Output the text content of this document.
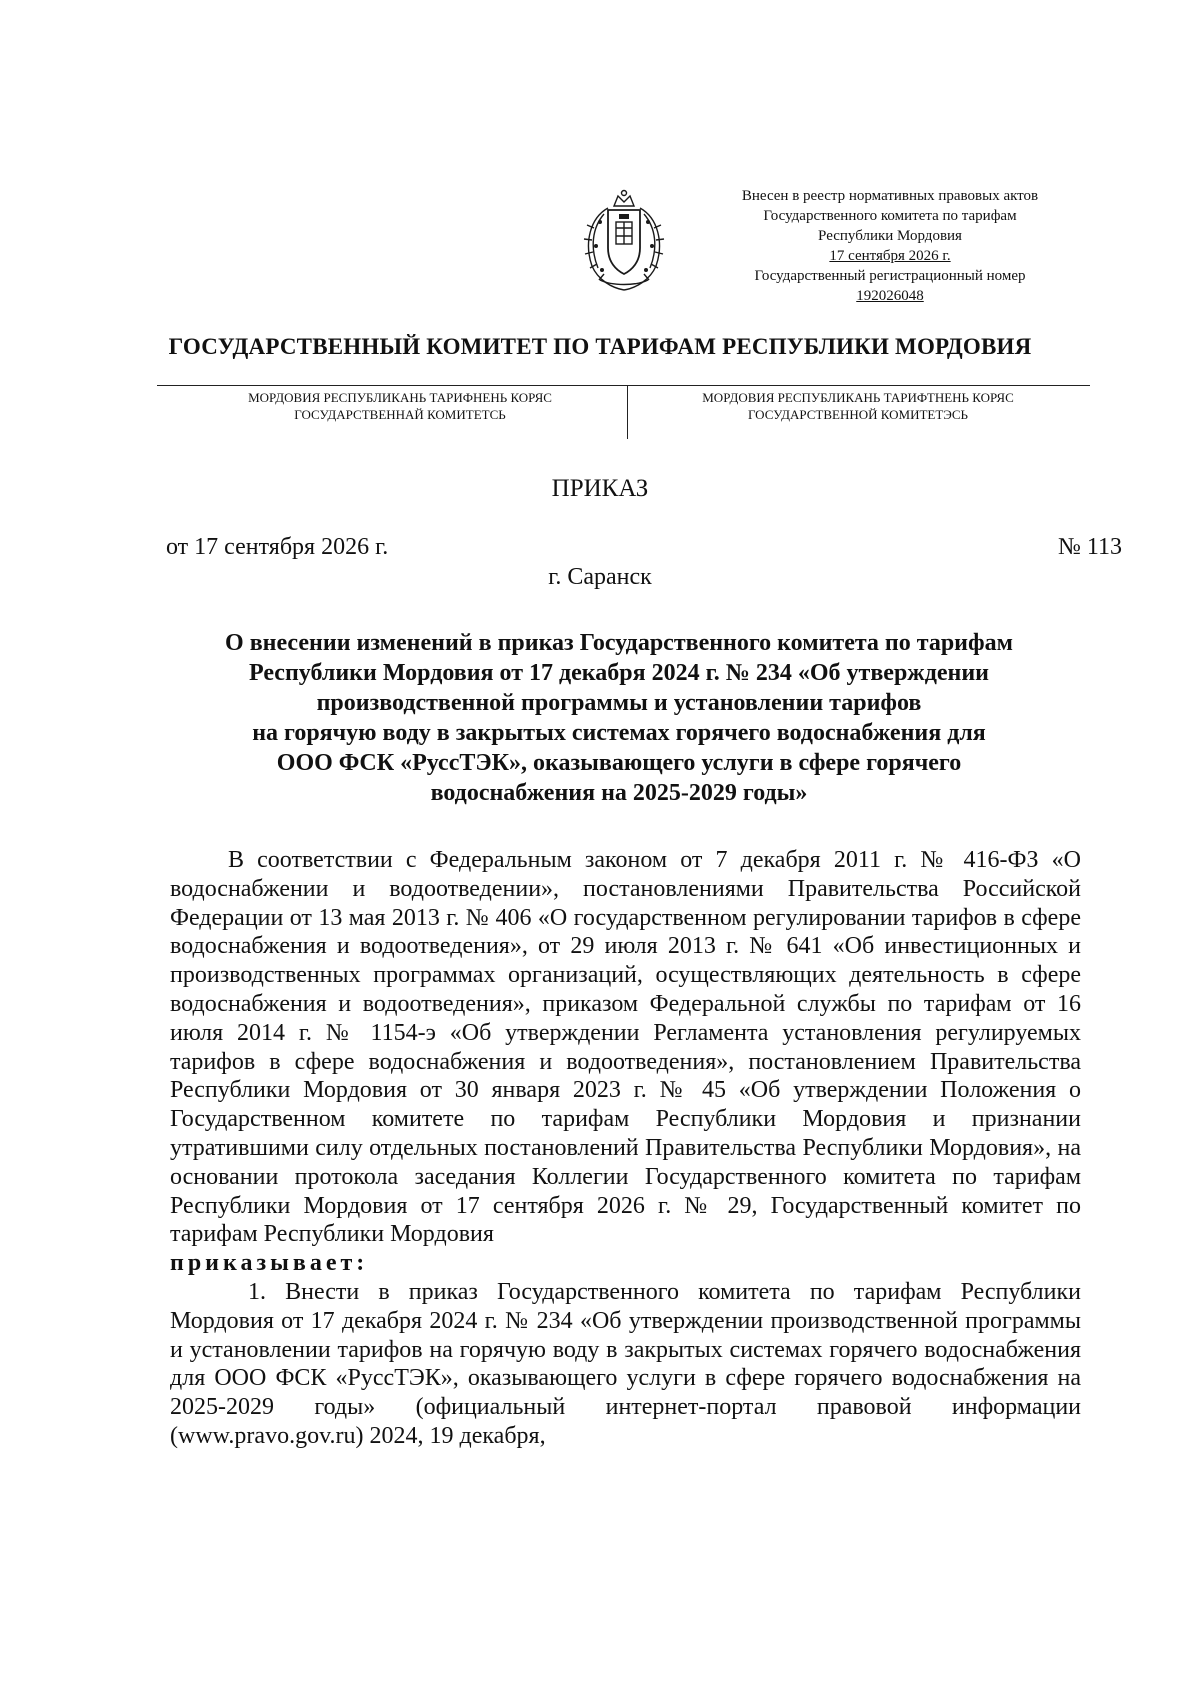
Внесен в реестр нормативных правовых актов
Государственного комитета по тарифам
Республики Мордовия
17 сентября 2026 г.
Государственный регистрационный номер
192026048
ГОСУДАРСТВЕННЫЙ КОМИТЕТ ПО ТАРИФАМ РЕСПУБЛИКИ МОРДОВИЯ
МОРДОВИЯ РЕСПУБЛИКАНЬ ТАРИФНЕНЬ КОРЯС
ГОСУДАРСТВЕННАЙ КОМИТЕТСЬ
МОРДОВИЯ РЕСПУБЛИКАНЬ ТАРИФТНЕНЬ КОРЯС
ГОСУДАРСТВЕННОЙ КОМИТЕТЭСЬ
ПРИКАЗ
от 17 сентября 2026 г.	№ 113
г. Саранск
О внесении изменений в приказ Государственного комитета по тарифам
Республики Мордовия от 17 декабря 2024 г. № 234 «Об утверждении
производственной программы и установлении тарифов
на горячую воду в закрытых системах горячего водоснабжения для
ООО ФСК «РуссТЭК», оказывающего услуги в сфере горячего
водоснабжения на 2025-2029 годы»

В соответствии с Федеральным законом от 7 декабря 2011 г. № 416-ФЗ «О водоснабжении и водоотведении», постановлениями Правительства Российской Федерации от 13 мая 2013 г. № 406 «О государственном регулировании тарифов в сфере водоснабжения и водоотведения», от 29 июля 2013 г. № 641 «Об инвестиционных и производственных программах организаций, осуществляющих деятельность в сфере водоснабжения и водоотведения», приказом Федеральной службы по тарифам от 16 июля 2014 г. № 1154-э «Об утверждении Регламента установления регулируемых тарифов в сфере водоснабжения и водоотведения», постановлением Правительства Республики Мордовия от 30 января 2023 г. № 45 «Об утверждении Положения о Государственном комитете по тарифам Республики Мордовия и признании утратившими силу отдельных постановлений Правительства Республики Мордовия», на основании протокола заседания Коллегии Государственного комитета по тарифам Республики Мордовия от 17 сентября 2026 г. № 29, Государственный комитет по тарифам Республики Мордовия

приказывает:

1. Внести в приказ Государственного комитета по тарифам Республики Мордовия от 17 декабря 2024 г. № 234 «Об утверждении производственной программы и установлении тарифов на горячую воду в закрытых системах горячего водоснабжения для ООО ФСК «РуссТЭК», оказывающего услуги в сфере горячего водоснабжения на 2025-2029 годы» (официальный интернет-портал правовой информации (www.pravo.gov.ru) 2024, 19 декабря,
